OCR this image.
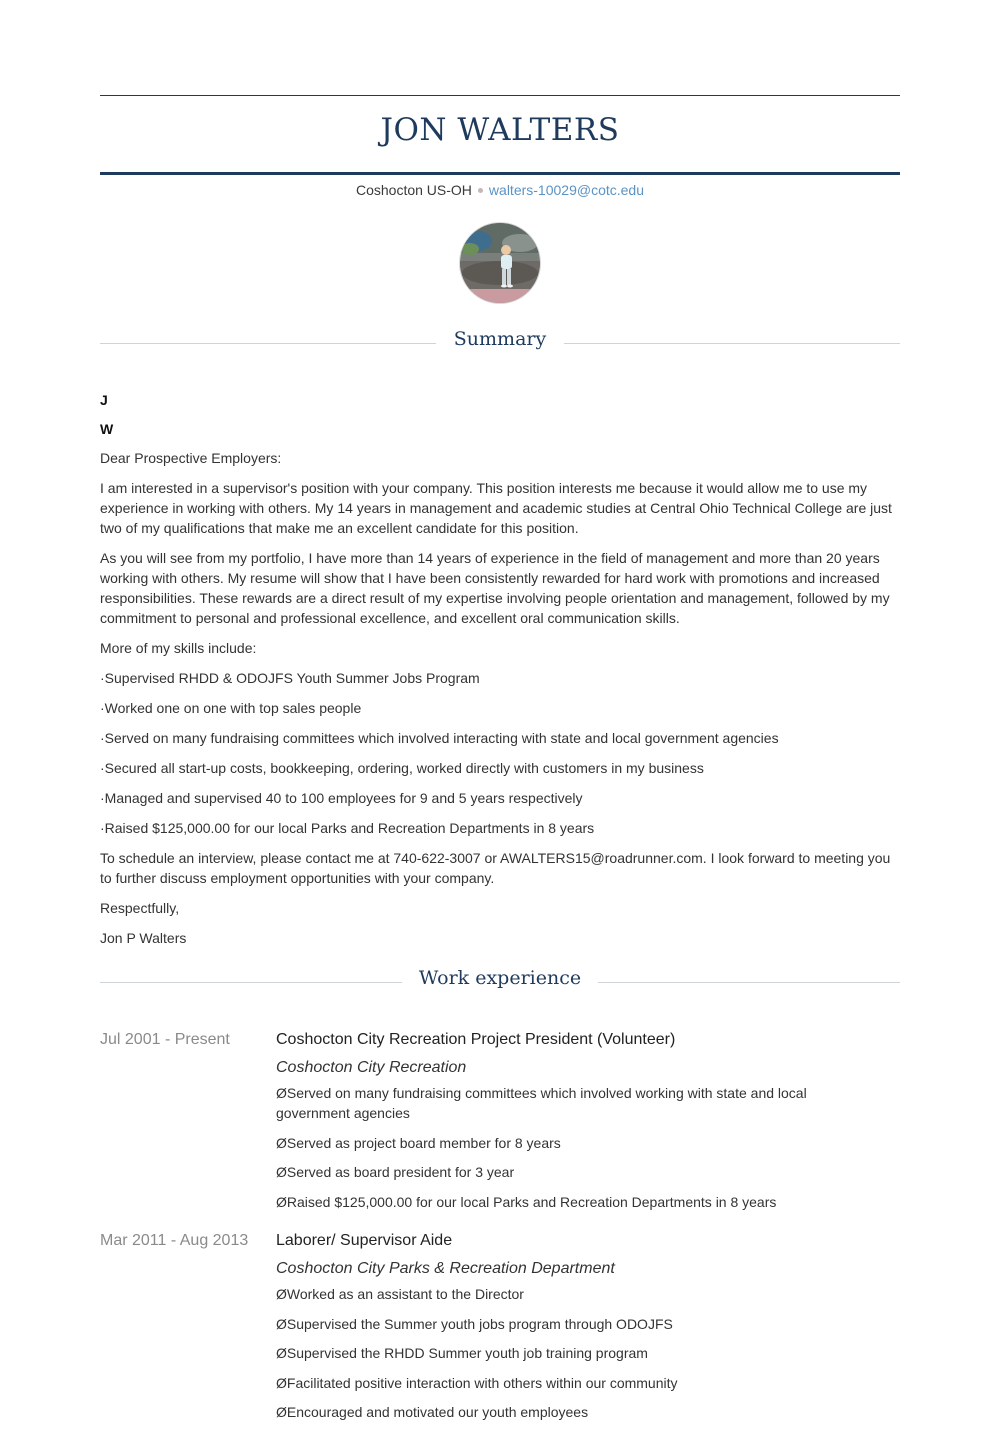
JON WALTERS
Coshocton US-OH walters-10029@cotc.edu
Summary

J

W

Dear Prospective Employers:

I am interested in a supervisor's position with your company. This position interests me because it would allow me to use my experience in working with others. My 14 years in management and academic studies at Central Ohio Technical College are just two of my qualifications that make me an excellent candidate for this position.

As you will see from my portfolio, I have more than 14 years of experience in the field of management and more than 20 years working with others. My resume will show that I have been consistently rewarded for hard work with promotions and increased responsibilities. These rewards are a direct result of my expertise involving people orientation and management, followed by my commitment to personal and professional excellence, and excellent oral communication skills.

More of my skills include:

·Supervised RHDD & ODOJFS Youth Summer Jobs Program

·Worked one on one with top sales people

·Served on many fundraising committees which involved interacting with state and local government agencies

·Secured all start-up costs, bookkeeping, ordering, worked directly with customers in my business

·Managed and supervised 40 to 100 employees for 9 and 5 years respectively

·Raised $125,000.00 for our local Parks and Recreation Departments in 8 years

To schedule an interview, please contact me at 740-622-3007 or AWALTERS15@roadrunner.com. I look forward to meeting you to further discuss employment opportunities with your company.

Respectfully,

Jon P Walters

Work experience
Jul 2001 - Present	Coshocton City Recreation Project President (Volunteer)
Coshocton City Recreation
ØServed on many fundraising committees which involved working with state and local government agencies
ØServed as project board member for 8 years
ØServed as board president for 3 year
ØRaised $125,000.00 for our local Parks and Recreation Departments in 8 years
Mar 2011 - Aug 2013	Laborer/ Supervisor Aide
Coshocton City Parks & Recreation Department
ØWorked as an assistant to the Director
ØSupervised the Summer youth jobs program through ODOJFS
ØSupervised the RHDD Summer youth job training program
ØFacilitated positive interaction with others within our community
ØEncouraged and motivated our youth employees
